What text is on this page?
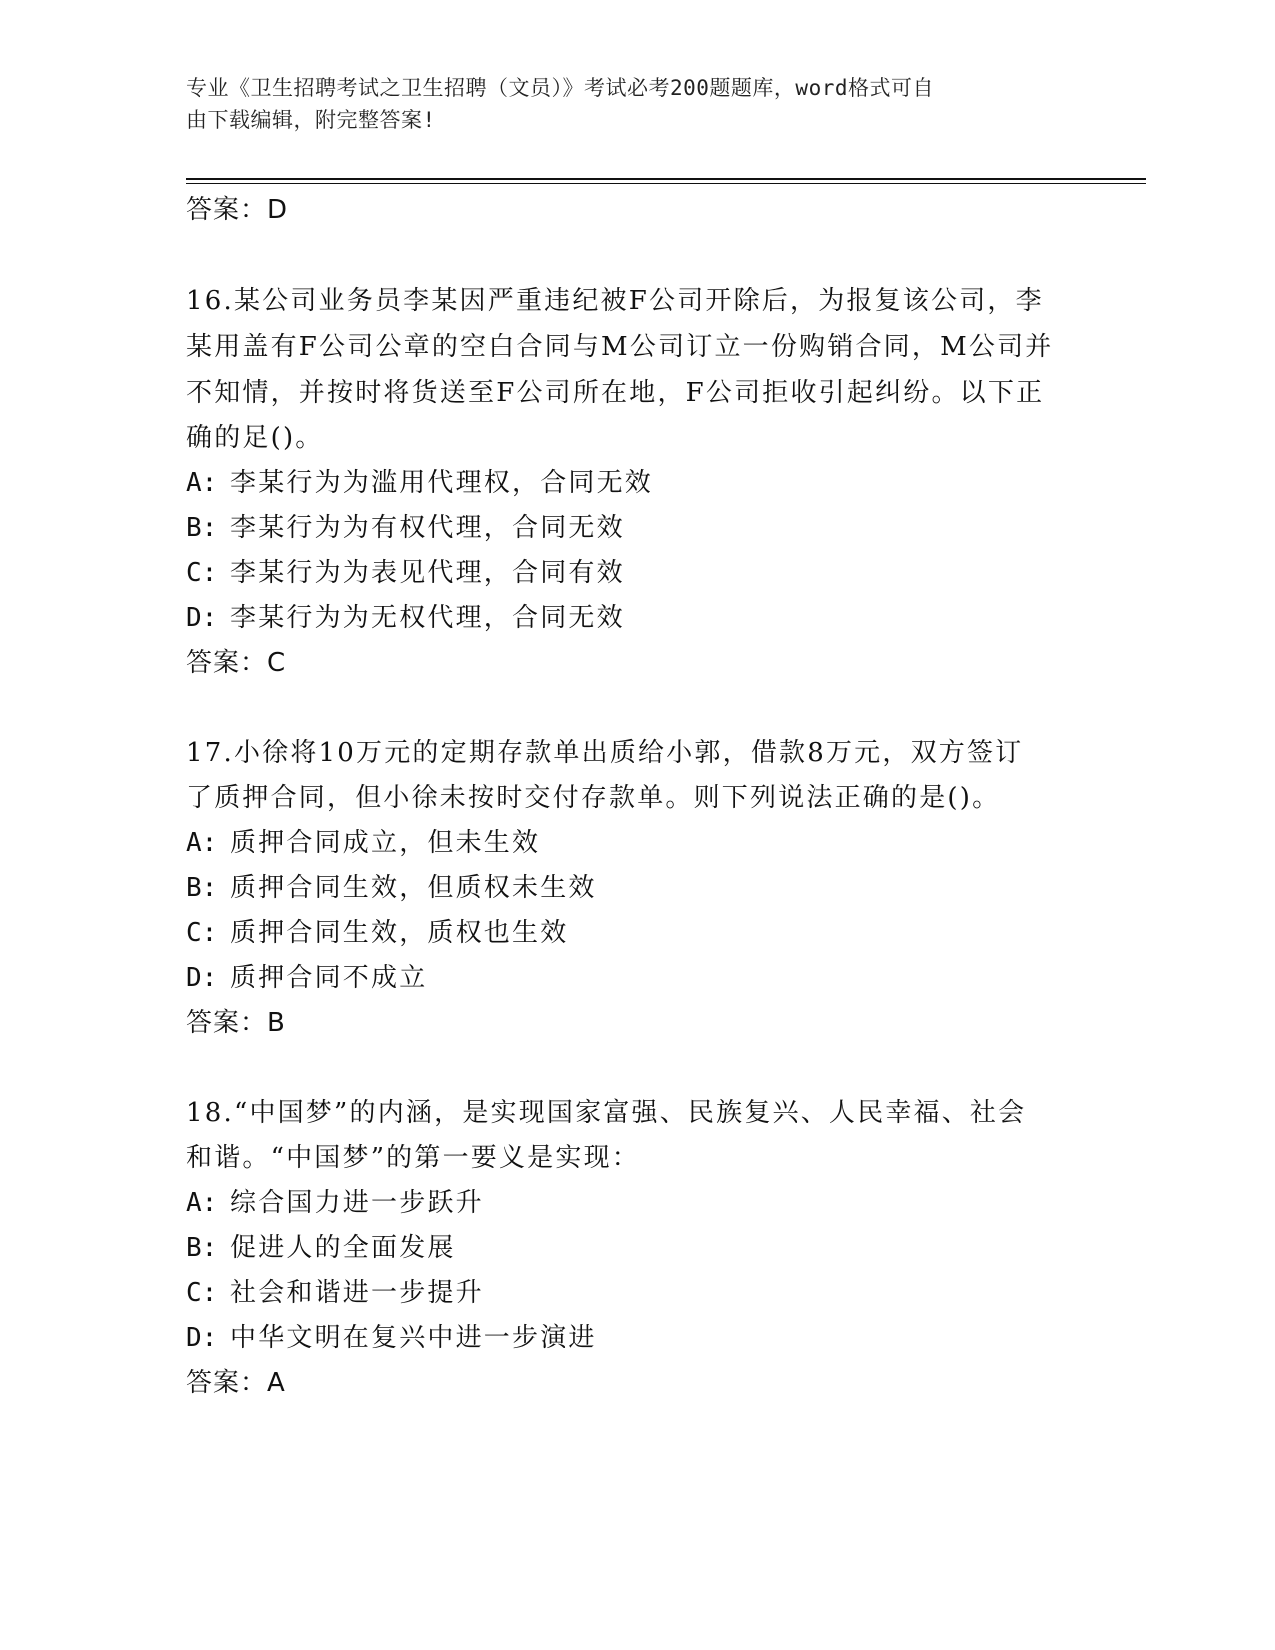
专业《卫生招聘考试之卫生招聘（文员）》考试必考200题题库，word格式可自
由下载编辑，附完整答案!
答案：D
16.某公司业务员李某因严重违纪被F公司开除后，为报复该公司，李
某用盖有F公司公章的空白合同与M公司订立一份购销合同，M公司并
不知情，并按时将货送至F公司所在地，F公司拒收引起纠纷。以下正
确的足()。
A: 李某行为为滥用代理权，合同无效
B: 李某行为为有权代理，合同无效
C: 李某行为为表见代理，合同有效
D: 李某行为为无权代理，合同无效
答案：C
17.小徐将10万元的定期存款单出质给小郭，借款8万元，双方签订
了质押合同，但小徐未按时交付存款单。则下列说法正确的是()。
A: 质押合同成立，但未生效
B: 质押合同生效，但质权未生效
C: 质押合同生效，质权也生效
D: 质押合同不成立
答案：B
18.“中国梦”的内涵，是实现国家富强、民族复兴、人民幸福、社会
和谐。“中国梦”的第一要义是实现：
A: 综合国力进一步跃升
B: 促进人的全面发展
C: 社会和谐进一步提升
D: 中华文明在复兴中进一步演进
答案：A
